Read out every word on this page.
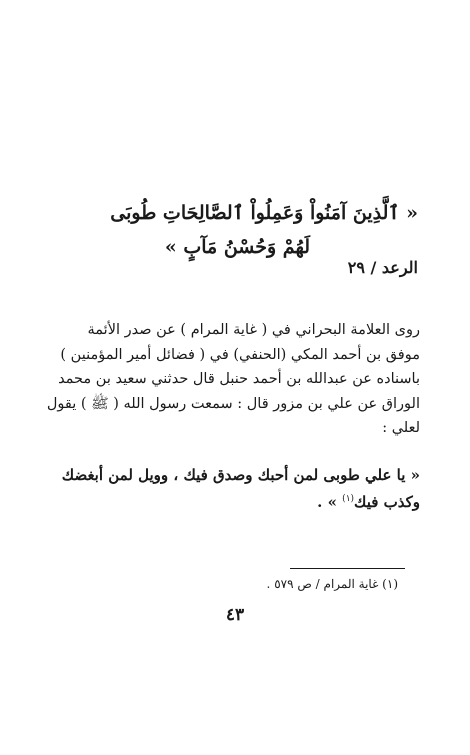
« ٱلَّذِينَ آمَنُواْ وَعَمِلُواْ ٱلصَّالِحَاتِ طُوبَى
لَهُمْ وَحُسْنُ مَآبٍ »
الرعد / ٢٩

روى العلامة البحراني في ( غاية المرام ) عن صدر الأئمة

موفق بن أحمد المكي (الحنفي) في ( فضائل أمير المؤمنين )

باسناده عن عبدالله بن أحمد حنبل قال حدثني سعيد بن محمد

الوراق عن علي بن مزور قال : سمعت رسول الله ( ﷺ ) يقول

لعلي :

« يا علي طوبى لمن أحبك وصدق فيك ، وويل لمن أبغضك
وكذب فيك$^{(١)}$ » .
(١) غاية المرام / ص ٥٧٩ .
٤٣
